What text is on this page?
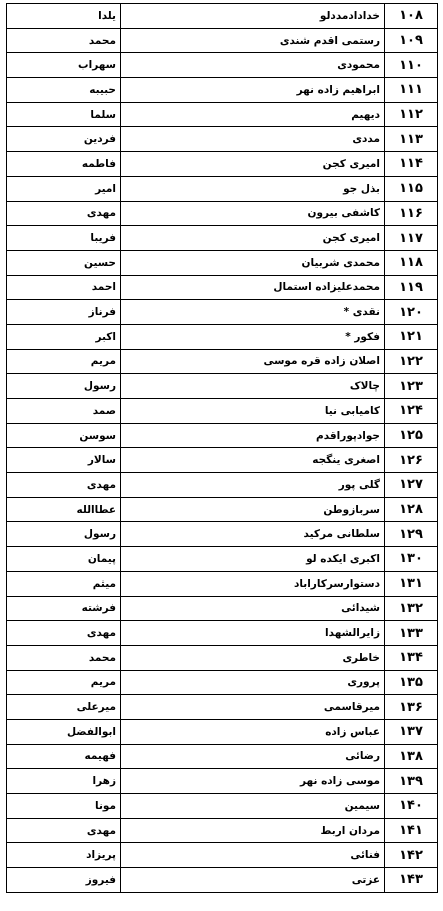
۱۰۸	خدادادمددلو	یلدا
۱۰۹	رستمی اقدم شندی	محمد
۱۱۰	محمودی	سهراب
۱۱۱	ابراهیم زاده نهر	حبیبه
۱۱۲	دیهیم	سلما
۱۱۳	مددی	فردین
۱۱۴	امیری کجن	فاطمه
۱۱۵	بذل جو	امیر
۱۱۶	کاشفی بیرون	مهدی
۱۱۷	امیری کجن	فریبا
۱۱۸	محمدی شربیان	حسین
۱۱۹	محمدعلیزاده استمال	احمد
۱۲۰	نقدی *	فرناز
۱۲۱	فکور *	اکبر
۱۲۲	اصلان زاده قره موسی	مریم
۱۲۳	چالاک	رسول
۱۲۴	کامیابی نیا	صمد
۱۲۵	جوادپوراقدم	سوسن
۱۲۶	اصغری ینگجه	سالار
۱۲۷	گلی پور	مهدی
۱۲۸	سربازوطن	عطاالله
۱۲۹	سلطانی مرکید	رسول
۱۳۰	اکبری ایکده لو	پیمان
۱۳۱	دستوارسرکاراباد	میثم
۱۳۲	شیدائی	فرشته
۱۳۳	زایرالشهدا	مهدی
۱۳۴	خاطری	محمد
۱۳۵	پروری	مریم
۱۳۶	میرقاسمی	میرعلی
۱۳۷	عباس زاده	ابوالفضل
۱۳۸	رضائی	فهیمه
۱۳۹	موسی زاده نهر	زهرا
۱۴۰	سیمین	مونا
۱۴۱	مردان اربط	مهدی
۱۴۲	فنائی	پریزاد
۱۴۳	عزتی	فیروز
